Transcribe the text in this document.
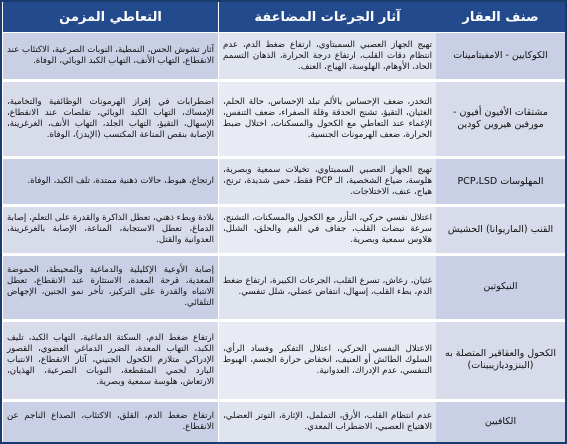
التعاطي المزمن	آثار الجرعات المضاعفة	صنف العقار
آثار تشوش الحس، النمطية، النوبات الصرعية، الاكتئاب عند الانقطاع، التهاب الأنف، التهاب الكبد الوبائي، الوفاة.	تهيج الجهاز العصبي السمبتاوي، ارتفاع ضغط الدم، عدم انتظام دقات القلب، ارتفاع درجة الحرارة، الذهان التسمم الحاد، الأوهام، الهلوسة، الهياج، العنف.	الكوكايين - الامفيتامينات
اضطرابات في إفراز الهرمونات الوظائفية والتخامية، الإمساك، التهاب الكبد الوبائي، تقلصات عند الانقطاع، الإسهال، التقيؤ، التهاب الجلد، التهاب الأنف، الغرغرينة، الإصابة بنقص المناعة المكتسب (الإيدز)، الوفاة.	التخدر، ضعف الإحساس بالألم تبلد الإحساس، حالة الحلم، الغثيان، التقيؤ، تشنج الحدقة وقلة الصفراء، ضعف التنفس، الإغماء عند التعاطي مع الكحول والمسكنات، اختلال ضبط الحرارة، ضعف الهرمونات الجنسية.	مشتقات الأفيون أفيون - مورفين هيروين كودين
ارتجاع، هبوط، حالات ذهنية ممتدة، تلف الكبد، الوفاة.	تهيج الجهاز العصبي السمبتاوي، تخيلات سمعية وبصرية، هلوسة، ضياع الشخصية، الـ PCP فقط، حمى شديدة، ترنح، هياج، عنف، الاختلاجات.	المهلوسات PCP،LSD
بلادة وبطء ذهني، تعطل الذاكرة والقدرة على التعلم، إصابة الدماغ، تعطل الاستجابة، المناعة، الإصابة بالغرغرينة، العدوانية والقتل.	اعتلال نفسي حركي، التأزر مع الكحول والمسكنات، التشنج، سرعة نبضات القلب، جفاف في الفم والحلق، الشلل، هلاوس سمعية وبصرية.	القنب (الماريوانا) الحشيش
إصابة الأوعية الإكليلية والدماغية والمحيطة، الحموضة المعدية، قرحة المعدة، الاستثارة عند الانقطاع، تعطل الانتباه والقدرة على التركيز، تأخر نمو الجنين، الإجهاض التلقائي.	غثيان، رعاش، تسرع القلب، الجرعات الكبيرة، ارتفاع ضغط الدم، بطء القلب، إسهال، انتفاض عضلي، شلل تنفسي.	النيكوتين
ارتفاع ضغط الدم، السكتة الدماغية، التهاب الكبد، تليف الكبد، التهاب المعدة، الضرر الدماغي العضوي، القصور الإدراكي متلازم الكحول الجنيني، آثار الانقطاع، الانتباب البارد لحمي المتقطعة، النوبات الصرعية، الهذيان، الارتعاش، هلوسة سمعية وبصرية.	الاعتلال النفسي الحركي، اعتلال التفكير وفساد الرأي، السلوك الطائش أو العنيف، انخفاض حرارة الجسم، الهبوط التنفسي، عدم الإدراك، العدوانية.	الكحول والعقاقير المتصلة به (البنزوديازيبينات)
ارتفاع ضغط الدم، القلق، الاكتئاب، الصداع الناجم عن الانقطاع.	عدم انتظام القلب، الأرق، التململ، الإثارة، التوتر العضلي، الاهتياج العصبي، الاضطراب المعدي.	الكافيين
